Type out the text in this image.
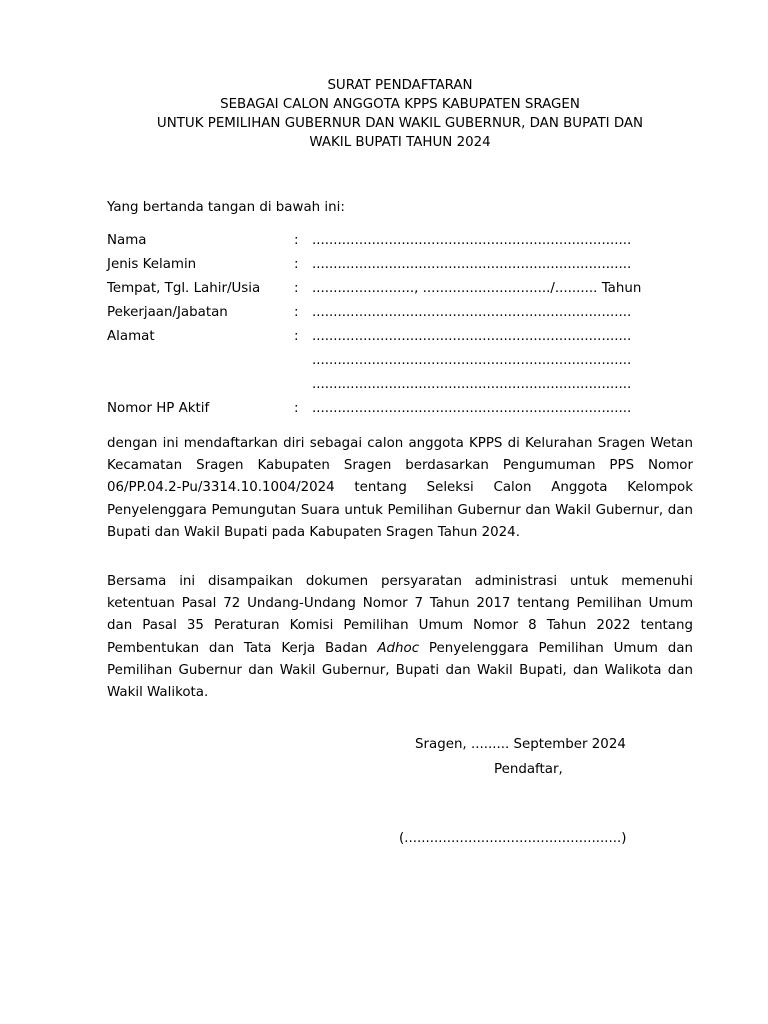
SURAT PENDAFTARAN
SEBAGAI CALON ANGGOTA KPPS KABUPATEN SRAGEN
UNTUK PEMILIHAN GUBERNUR DAN WAKIL GUBERNUR, DAN BUPATI DAN
WAKIL BUPATI TAHUN 2024
Yang bertanda tangan di bawah ini:
Nama	:	...........................................................................
Jenis Kelamin	:	...........................................................................
Tempat, Tgl. Lahir/Usia	:	........................, ............................../.......... Tahun
Pekerjaan/Jabatan	:	...........................................................................
Alamat	:	...........................................................................
...........................................................................
...........................................................................
Nomor HP Aktif	:	...........................................................................

dengan ini mendaftarkan diri sebagai calon anggota KPPS di Kelurahan Sragen Wetan Kecamatan Sragen Kabupaten Sragen berdasarkan Pengumuman PPS Nomor 06/PP.04.2-Pu/3314.10.1004/2024 tentang Seleksi Calon Anggota Kelompok Penyelenggara Pemungutan Suara untuk Pemilihan Gubernur dan Wakil Gubernur, dan Bupati dan Wakil Bupati pada Kabupaten Sragen Tahun 2024.

Bersama ini disampaikan dokumen persyaratan administrasi untuk memenuhi ketentuan Pasal 72 Undang-Undang Nomor 7 Tahun 2017 tentang Pemilihan Umum dan Pasal 35 Peraturan Komisi Pemilihan Umum Nomor 8 Tahun 2022 tentang Pembentukan dan Tata Kerja Badan Adhoc Penyelenggara Pemilihan Umum dan Pemilihan Gubernur dan Wakil Gubernur, Bupati dan Wakil Bupati, dan Walikota dan Wakil Walikota.

Sragen, ......... September 2024
Pendaftar,
(...................................................)
